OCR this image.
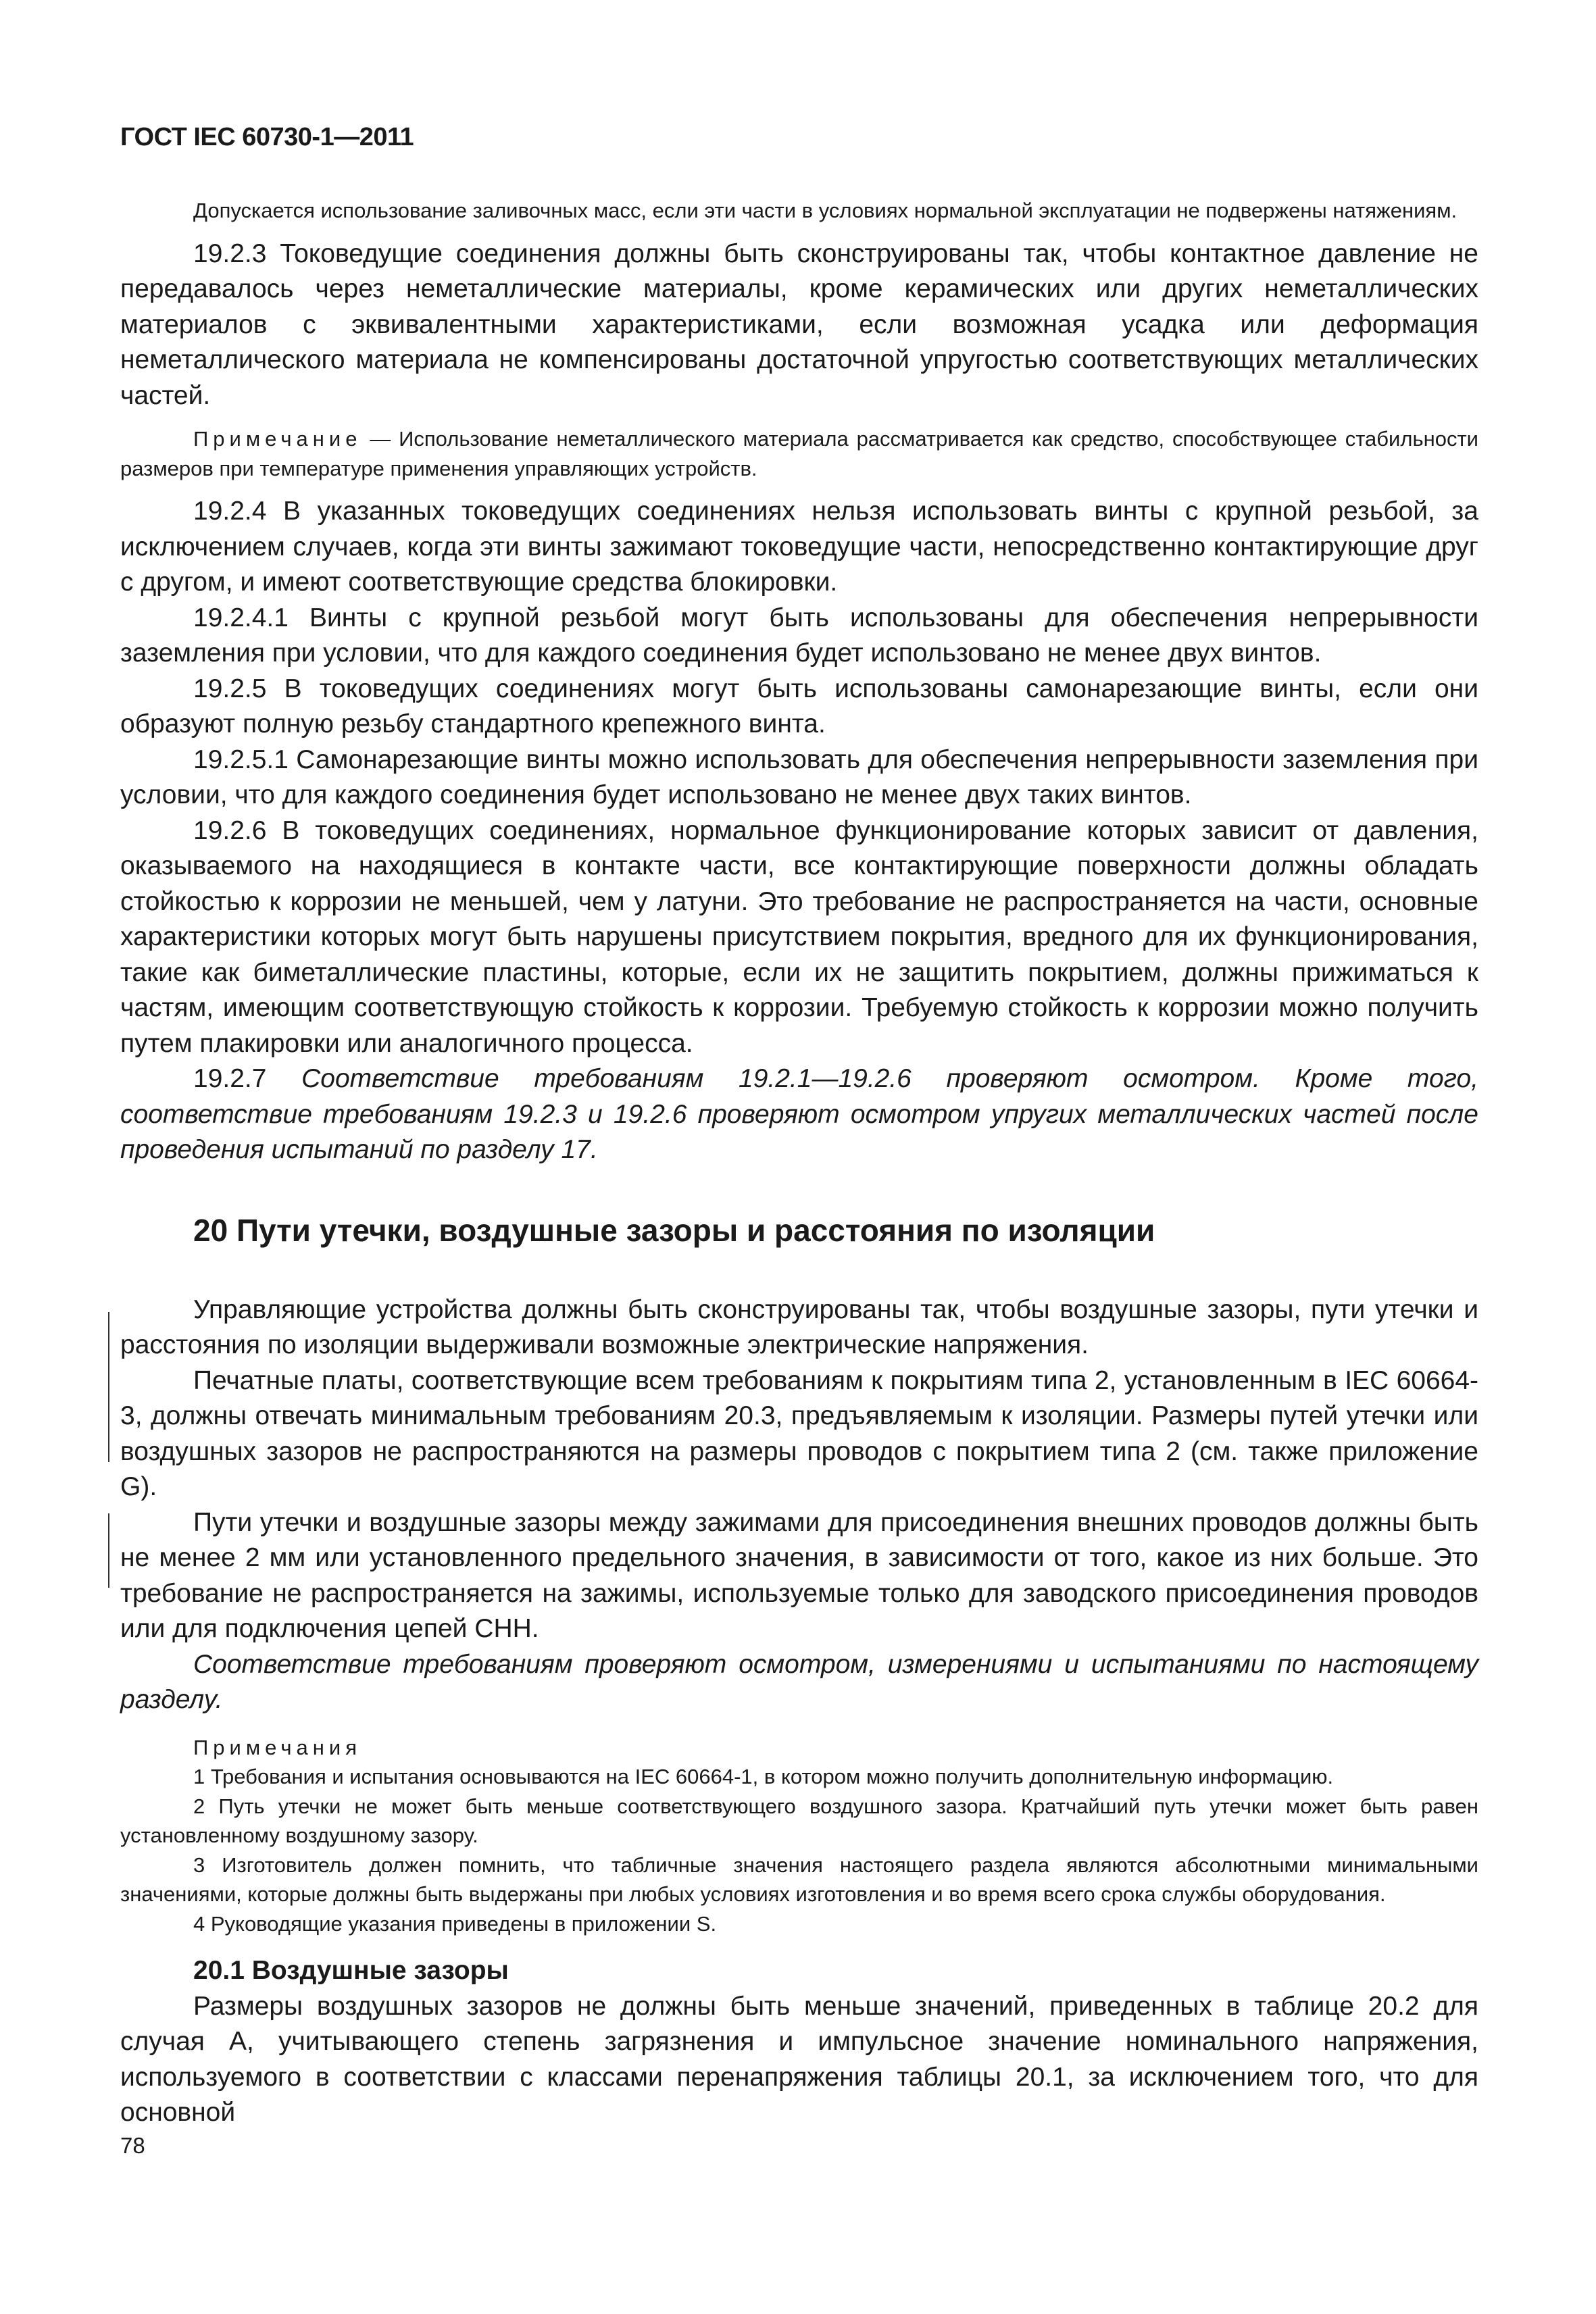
ГОСТ IEC 60730-1—2011

Допускается использование заливочных масс, если эти части в условиях нормальной эксплуатации не подвержены натяжениям.

19.2.3 Токоведущие соединения должны быть сконструированы так, чтобы контактное давление не передавалось через неметаллические материалы, кроме керамических или других неметаллических материалов с эквивалентными характеристиками, если возможная усадка или деформация неметаллического материала не компенсированы достаточной упругостью соответствующих металлических частей.

Примечание — Использование неметаллического материала рассматривается как средство, способствующее стабильности размеров при температуре применения управляющих устройств.

19.2.4 В указанных токоведущих соединениях нельзя использовать винты с крупной резьбой, за исключением случаев, когда эти винты зажимают токоведущие части, непосредственно контактирующие друг с другом, и имеют соответствующие средства блокировки.

19.2.4.1 Винты с крупной резьбой могут быть использованы для обеспечения непрерывности заземления при условии, что для каждого соединения будет использовано не менее двух винтов.

19.2.5 В токоведущих соединениях могут быть использованы самонарезающие винты, если они образуют полную резьбу стандартного крепежного винта.

19.2.5.1 Самонарезающие винты можно использовать для обеспечения непрерывности заземления при условии, что для каждого соединения будет использовано не менее двух таких винтов.

19.2.6 В токоведущих соединениях, нормальное функционирование которых зависит от давления, оказываемого на находящиеся в контакте части, все контактирующие поверхности должны обладать стойкостью к коррозии не меньшей, чем у латуни. Это требование не распространяется на части, основные характеристики которых могут быть нарушены присутствием покрытия, вредного для их функционирования, такие как биметаллические пластины, которые, если их не защитить покрытием, должны прижиматься к частям, имеющим соответствующую стойкость к коррозии. Требуемую стойкость к коррозии можно получить путем плакировки или аналогичного процесса.

19.2.7 Соответствие требованиям 19.2.1—19.2.6 проверяют осмотром. Кроме того, соответствие требованиям 19.2.3 и 19.2.6 проверяют осмотром упругих металлических частей после проведения испытаний по разделу 17.

20 Пути утечки, воздушные зазоры и расстояния по изоляции

Управляющие устройства должны быть сконструированы так, чтобы воздушные зазоры, пути утечки и расстояния по изоляции выдерживали возможные электрические напряжения.

Печатные платы, соответствующие всем требованиям к покрытиям типа 2, установленным в IEC 60664-3, должны отвечать минимальным требованиям 20.3, предъявляемым к изоляции. Размеры путей утечки или воздушных зазоров не распространяются на размеры проводов с покрытием типа 2 (см. также приложение G).

Пути утечки и воздушные зазоры между зажимами для присоединения внешних проводов должны быть не менее 2 мм или установленного предельного значения, в зависимости от того, какое из них больше. Это требование не распространяется на зажимы, используемые только для заводского присоединения проводов или для подключения цепей СНН.

Соответствие требованиям проверяют осмотром, измерениями и испытаниями по настоящему разделу.

Примечания

1 Требования и испытания основываются на IEC 60664-1, в котором можно получить дополнительную информацию.

2 Путь утечки не может быть меньше соответствующего воздушного зазора. Кратчайший путь утечки может быть равен установленному воздушному зазору.

3 Изготовитель должен помнить, что табличные значения настоящего раздела являются абсолютными минимальными значениями, которые должны быть выдержаны при любых условиях изготовления и во время всего срока службы оборудования.

4 Руководящие указания приведены в приложении S.

20.1 Воздушные зазоры

Размеры воздушных зазоров не должны быть меньше значений, приведенных в таблице 20.2 для случая А, учитывающего степень загрязнения и импульсное значение номинального напряжения, используемого в соответствии с классами перенапряжения таблицы 20.1, за исключением того, что для основной

78
